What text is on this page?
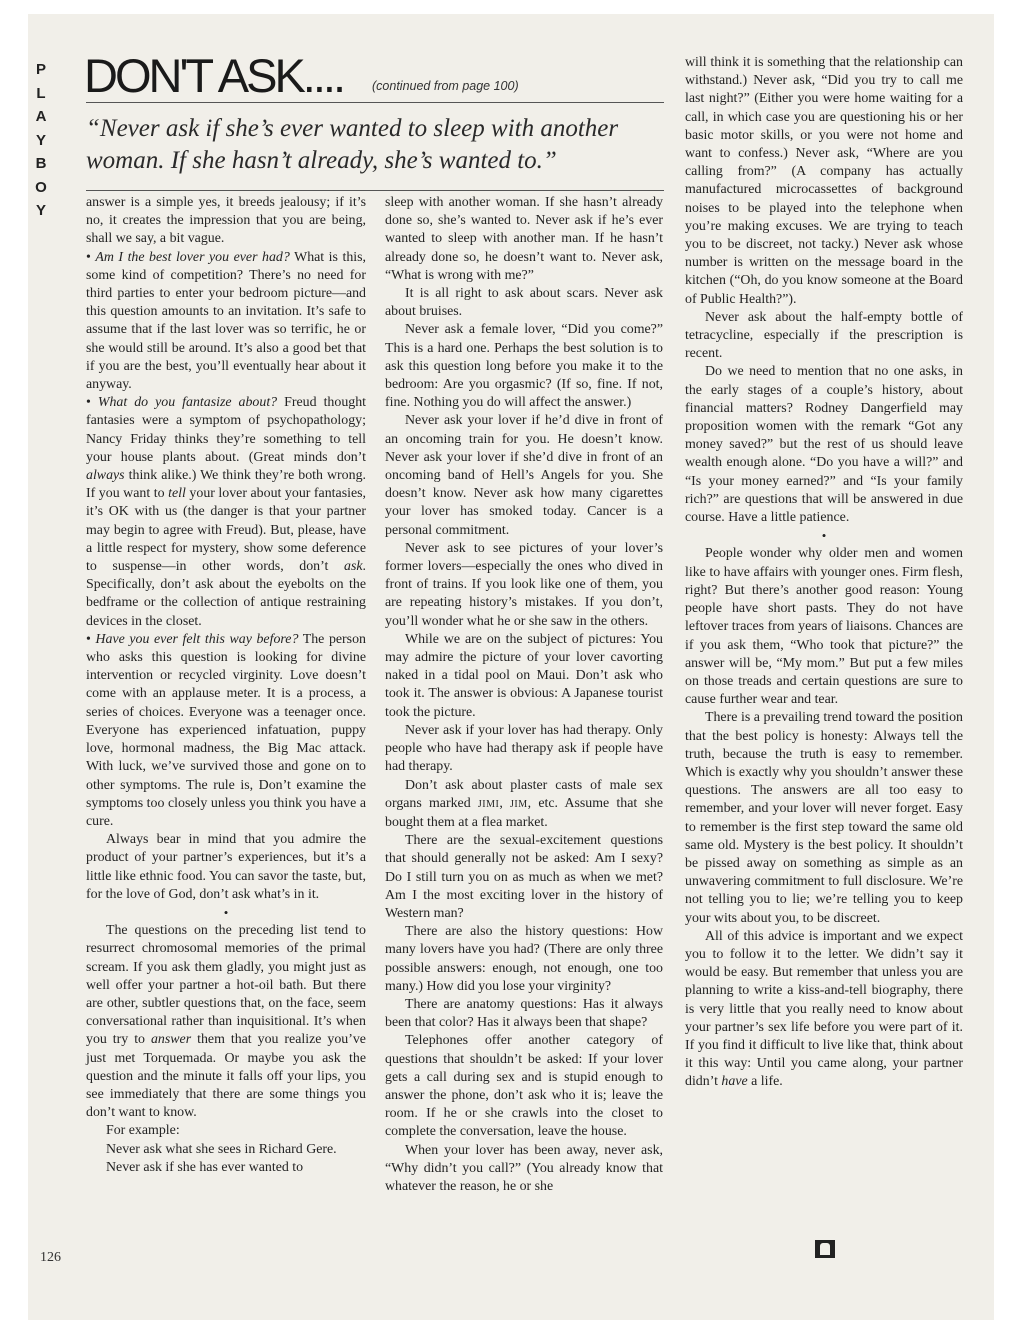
P
L
A
Y
B
O
Y
DON'T ASK.... (continued from page 100)

“Never ask if she’s ever wanted to sleep with another woman. If she hasn’t already, she’s wanted to.”

answer is a simple yes, it breeds jealousy; if it’s no, it creates the impression that you are being, shall we say, a bit vague.

• Am I the best lover you ever had? What is this, some kind of competition? There’s no need for third parties to enter your bedroom picture—and this question amounts to an invitation. It’s safe to assume that if the last lover was so terrific, he or she would still be around. It’s also a good bet that if you are the best, you’ll eventually hear about it anyway.

• What do you fantasize about? Freud thought fantasies were a symptom of psychopathology; Nancy Friday thinks they’re something to tell your house plants about. (Great minds don’t always think alike.) We think they’re both wrong. If you want to tell your lover about your fantasies, it’s OK with us (the danger is that your partner may begin to agree with Freud). But, please, have a little respect for mystery, show some deference to suspense—in other words, don’t ask. Specifically, don’t ask about the eyebolts on the bedframe or the collection of antique restraining devices in the closet.

• Have you ever felt this way before? The person who asks this question is looking for divine intervention or recycled virginity. Love doesn’t come with an applause meter. It is a process, a series of choices. Everyone was a teenager once. Everyone has experienced infatuation, puppy love, hormonal madness, the Big Mac attack. With luck, we’ve survived those and gone on to other symptoms. The rule is, Don’t examine the symptoms too closely unless you think you have a cure.

Always bear in mind that you admire the product of your partner’s experiences, but it’s a little like ethnic food. You can savor the taste, but, for the love of God, don’t ask what’s in it.

•

The questions on the preceding list tend to resurrect chromosomal memories of the primal scream. If you ask them gladly, you might just as well offer your partner a hot-oil bath. But there are other, subtler questions that, on the face, seem conversational rather than inquisitional. It’s when you try to answer them that you realize you’ve just met Torquemada. Or maybe you ask the question and the minute it falls off your lips, you see immediately that there are some things you don’t want to know.

For example:

Never ask what she sees in Richard Gere.

Never ask if she has ever wanted to

sleep with another woman. If she hasn’t already done so, she’s wanted to. Never ask if he’s ever wanted to sleep with another man. If he hasn’t already done so, he doesn’t want to. Never ask, “What is wrong with me?”

It is all right to ask about scars. Never ask about bruises.

Never ask a female lover, “Did you come?” This is a hard one. Perhaps the best solution is to ask this question long before you make it to the bedroom: Are you orgasmic? (If so, fine. If not, fine. Nothing you do will affect the answer.)

Never ask your lover if he’d dive in front of an oncoming train for you. He doesn’t know. Never ask your lover if she’d dive in front of an oncoming band of Hell’s Angels for you. She doesn’t know. Never ask how many cigarettes your lover has smoked today. Cancer is a personal commitment.

Never ask to see pictures of your lover’s former lovers—especially the ones who dived in front of trains. If you look like one of them, you are repeating history’s mistakes. If you don’t, you’ll wonder what he or she saw in the others.

While we are on the subject of pictures: You may admire the picture of your lover cavorting naked in a tidal pool on Maui. Don’t ask who took it. The answer is obvious: A Japanese tourist took the picture.

Never ask if your lover has had therapy. Only people who have had therapy ask if people have had therapy.

Don’t ask about plaster casts of male sex organs marked JIMI, JIM, etc. Assume that she bought them at a flea market.

There are the sexual-excitement questions that should generally not be asked: Am I sexy? Do I still turn you on as much as when we met? Am I the most exciting lover in the history of Western man?

There are also the history questions: How many lovers have you had? (There are only three possible answers: enough, not enough, one too many.) How did you lose your virginity?

There are anatomy questions: Has it always been that color? Has it always been that shape?

Telephones offer another category of questions that shouldn’t be asked: If your lover gets a call during sex and is stupid enough to answer the phone, don’t ask who it is; leave the room. If he or she crawls into the closet to complete the conversation, leave the house.

When your lover has been away, never ask, “Why didn’t you call?” (You already know that whatever the reason, he or she

will think it is something that the relationship can withstand.) Never ask, “Did you try to call me last night?” (Either you were home waiting for a call, in which case you are questioning his or her basic motor skills, or you were not home and want to confess.) Never ask, “Where are you calling from?” (A company has actually manufactured microcassettes of background noises to be played into the telephone when you’re making excuses. We are trying to teach you to be discreet, not tacky.) Never ask whose number is written on the message board in the kitchen (“Oh, do you know someone at the Board of Public Health?”).

Never ask about the half-empty bottle of tetracycline, especially if the prescription is recent.

Do we need to mention that no one asks, in the early stages of a couple’s history, about financial matters? Rodney Dangerfield may proposition women with the remark “Got any money saved?” but the rest of us should leave wealth enough alone. “Do you have a will?” and “Is your money earned?” and “Is your family rich?” are questions that will be answered in due course. Have a little patience.

•

People wonder why older men and women like to have affairs with younger ones. Firm flesh, right? But there’s another good reason: Young people have short pasts. They do not have leftover traces from years of liaisons. Chances are if you ask them, “Who took that picture?” the answer will be, “My mom.” But put a few miles on those treads and certain questions are sure to cause further wear and tear.

There is a prevailing trend toward the position that the best policy is honesty: Always tell the truth, because the truth is easy to remember. Which is exactly why you shouldn’t answer these questions. The answers are all too easy to remember, and your lover will never forget. Easy to remember is the first step toward the same old same old. Mystery is the best policy. It shouldn’t be pissed away on something as simple as an unwavering commitment to full disclosure. We’re not telling you to lie; we’re telling you to keep your wits about you, to be discreet.

All of this advice is important and we expect you to follow it to the letter. We didn’t say it would be easy. But remember that unless you are planning to write a kiss-and-tell biography, there is very little that you really need to know about your partner’s sex life before you were part of it. If you find it difficult to live like that, think about it this way: Until you came along, your partner didn’t have a life.

126
